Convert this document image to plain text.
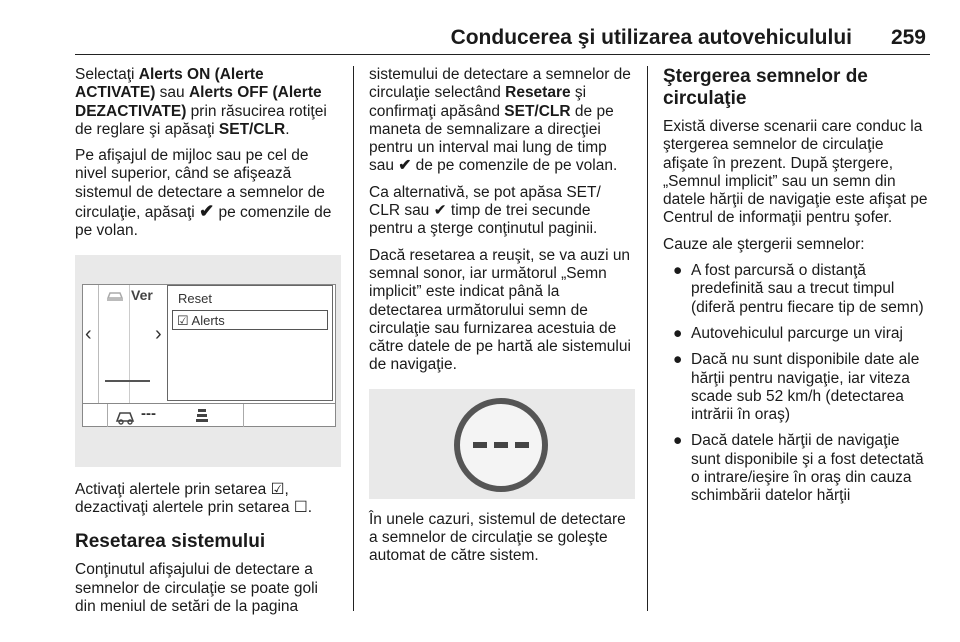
Conducerea şi utilizarea autovehiculului 259

Selectaţi Alerts ON (Alerte ACTIVATE) sau Alerts OFF (Alerte DEZACTIVATE) prin răsucirea rotiţei de reglare şi apăsaţi SET/CLR.

Pe afişajul de mijloc sau pe cel de nivel superior, când se afişează sistemul de detectare a semnelor de circulaţie, apăsaţi ✔ pe comenzile de pe volan.

‹
Ver
›
Reset
☑ Alerts
---

Activaţi alertele prin setarea ☑, dezactivaţi alertele prin setarea ☐.

Resetarea sistemului

Conţinutul afişajului de detectare a semnelor de circulaţie se poate goli din meniul de setări de la pagina

sistemului de detectare a semnelor de circulaţie selectând Resetare şi confirmaţi apăsând SET/CLR de pe maneta de semnalizare a direcţiei pentru un interval mai lung de timp sau ✔ de pe comenzile de pe volan.

Ca alternativă, se pot apăsa SET/ CLR sau ✔ timp de trei secunde pentru a şterge conţinutul paginii.

Dacă resetarea a reuşit, se va auzi un semnal sonor, iar următorul „Semn implicit” este indicat până la detectarea următorului semn de circulaţie sau furnizarea acestuia de către datele de pe hartă ale sistemului de navigaţie.

În unele cazuri, sistemul de detectare a semnelor de circulaţie se goleşte automat de către sistem.

Ştergerea semnelor de circulaţie

Există diverse scenarii care conduc la ştergerea semnelor de circulaţie afişate în prezent. După ştergere, „Semnul implicit” sau un semn din datele hărţii de navigaţie este afişat pe Centrul de informaţii pentru şofer.

Cauze ale ştergerii semnelor:

● A fost parcursă o distanţă predefinită sau a trecut timpul (diferă pentru fiecare tip de semn)
● Autovehiculul parcurge un viraj
● Dacă nu sunt disponibile date ale hărţii pentru navigaţie, iar viteza scade sub 52 km/h (detectarea intrării în oraş)
● Dacă datele hărţii de navigaţie sunt disponibile şi a fost detectată o intrare/ieşire în oraş din cauza schimbării datelor hărţii
